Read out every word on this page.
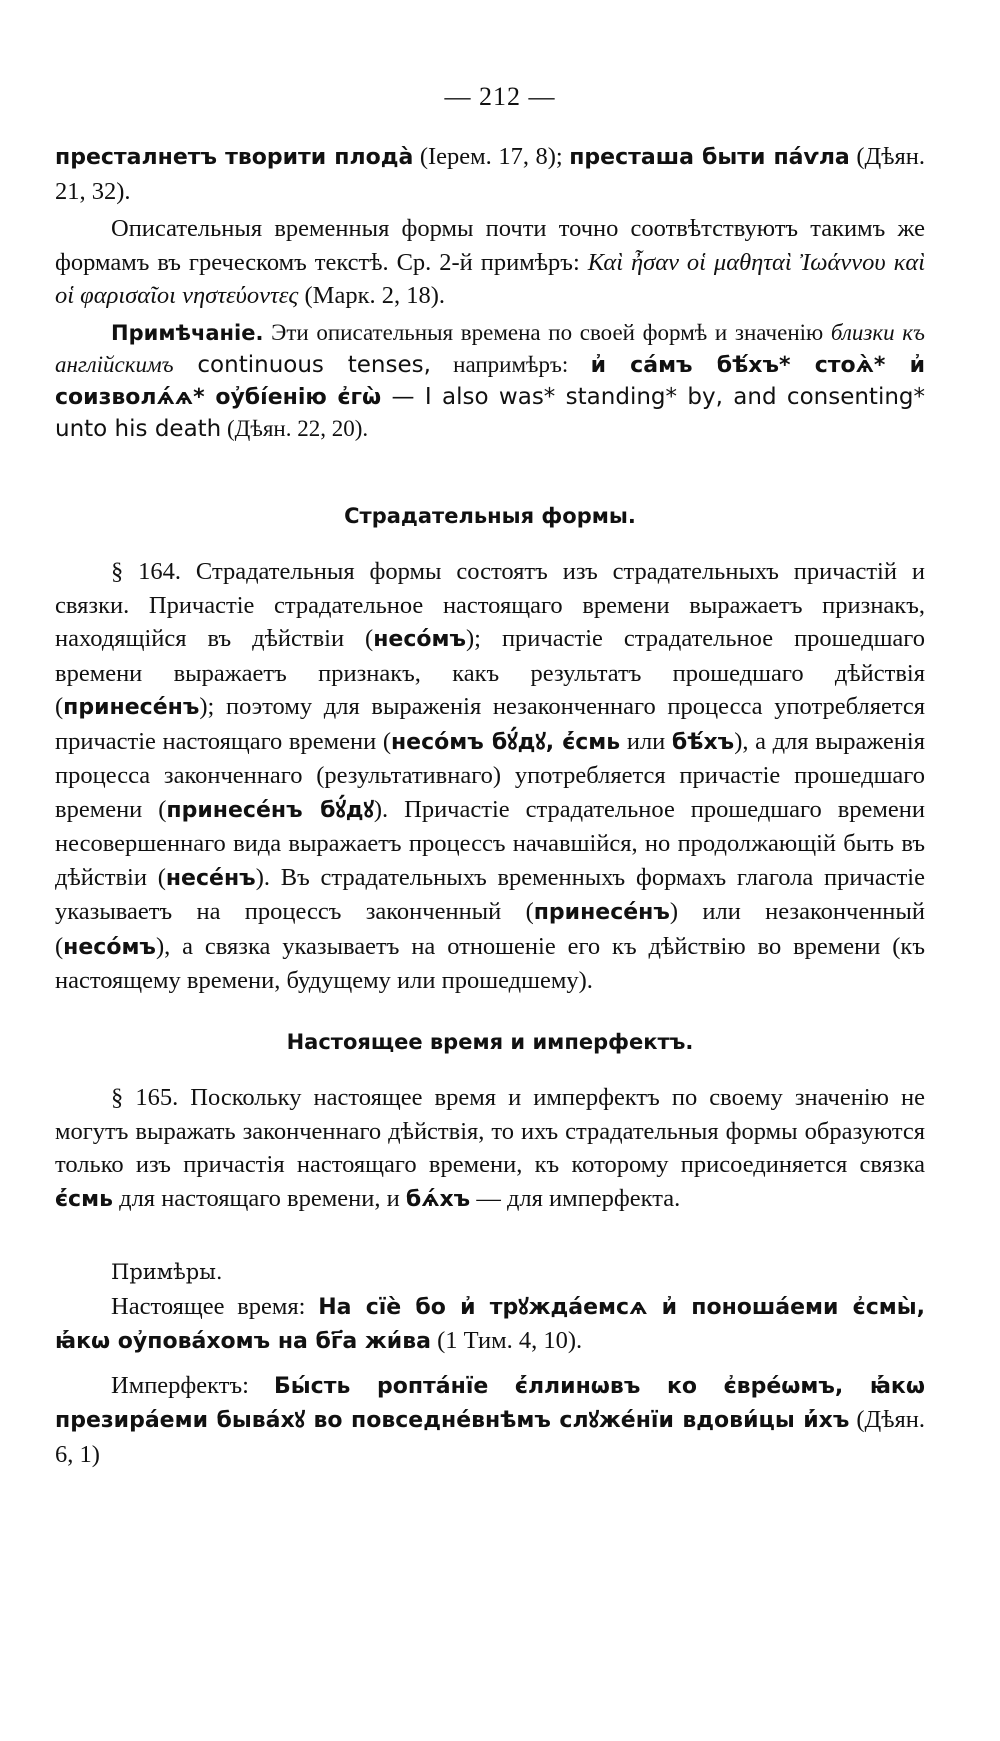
— 212 —

престалнетъ творити плода̀ (Iерем. 17, 8); престаша быти па́ѵла (Дѣян. 21, 32).

Описательныя временныя формы почти точно соотвѣтствуютъ такимъ же формамъ въ греческомъ текстѣ. Ср. 2-й примѣръ: Καὶ ἦσαν οἱ μαθηταὶ Ἰωάννου καὶ οἱ φαρισαῖοι νηστεύοντες (Марк. 2, 18).

Примѣчаніе. Эти описательныя времена по своей формѣ и значенію близки къ англійскимъ continuous tenses, напримѣръ: и҆ са́мъ бѣ́хъ* стоѧ̀* и҆ соизволѧ́ѧ* оу҆бі́енію є҆гѡ̀ — I also was* standing* by, and consenting* unto his death (Дѣян. 22, 20).

Страдательныя формы.

§ 164. Страдательныя формы состоятъ изъ страдательныхъ причастій и связки. Причастіе страдательное настоящаго времени выражаетъ признакъ, находящійся въ дѣйствіи (несо́мъ); причастіе страдательное прошедшаго времени выражаетъ признакъ, какъ результатъ прошедшаго дѣйствія (принесе́нъ); поэтому для выраженія незаконченнаго процесса употребляется причастіе настоящаго времени (несо́мъ бꙋ́дꙋ, є҆́смь или бѣ́хъ), а для выраженія процесса законченнаго (результативнаго) употребляется причастіе прошедшаго времени (принесе́нъ бꙋ́дꙋ). Причастіе страдательное прошедшаго времени несовершеннаго вида выражаетъ процессъ начавшійся, но продолжающій быть въ дѣйствіи (несе́нъ). Въ страдательныхъ временныхъ формахъ глагола причастіе указываетъ на процессъ законченный (принесе́нъ) или незаконченный (несо́мъ), а связка указываетъ на отношеніе его къ дѣйствію во времени (къ настоящему времени, будущему или прошедшему).

Настоящее время и имперфектъ.

§ 165. Поскольку настоящее время и имперфектъ по своему значенію не могутъ выражать законченнаго дѣйствія, то ихъ страдательныя формы образуются только изъ причастія настоящаго времени, къ которому присоединяется связка є҆́смь для настоящаго времени, и бѧ́хъ — для имперфекта.

Примѣры.

Настоящее время: На сїѐ бо и҆ трꙋжда́емсѧ и҆ поноша́еми є҆смы̀, ꙗ҆́кѡ оу҆пова́хомъ на бг҃а жи́ва (1 Тим. 4, 10).

Имперфектъ: Бы́сть ропта́нїе є҆́ллинѡвъ ко є҆вре́ѡмъ, ꙗ҆́кѡ презира́еми быва́хꙋ во повседне́внѣмъ слꙋже́нїи вдови́цы и҆́хъ (Дѣян. 6, 1)
